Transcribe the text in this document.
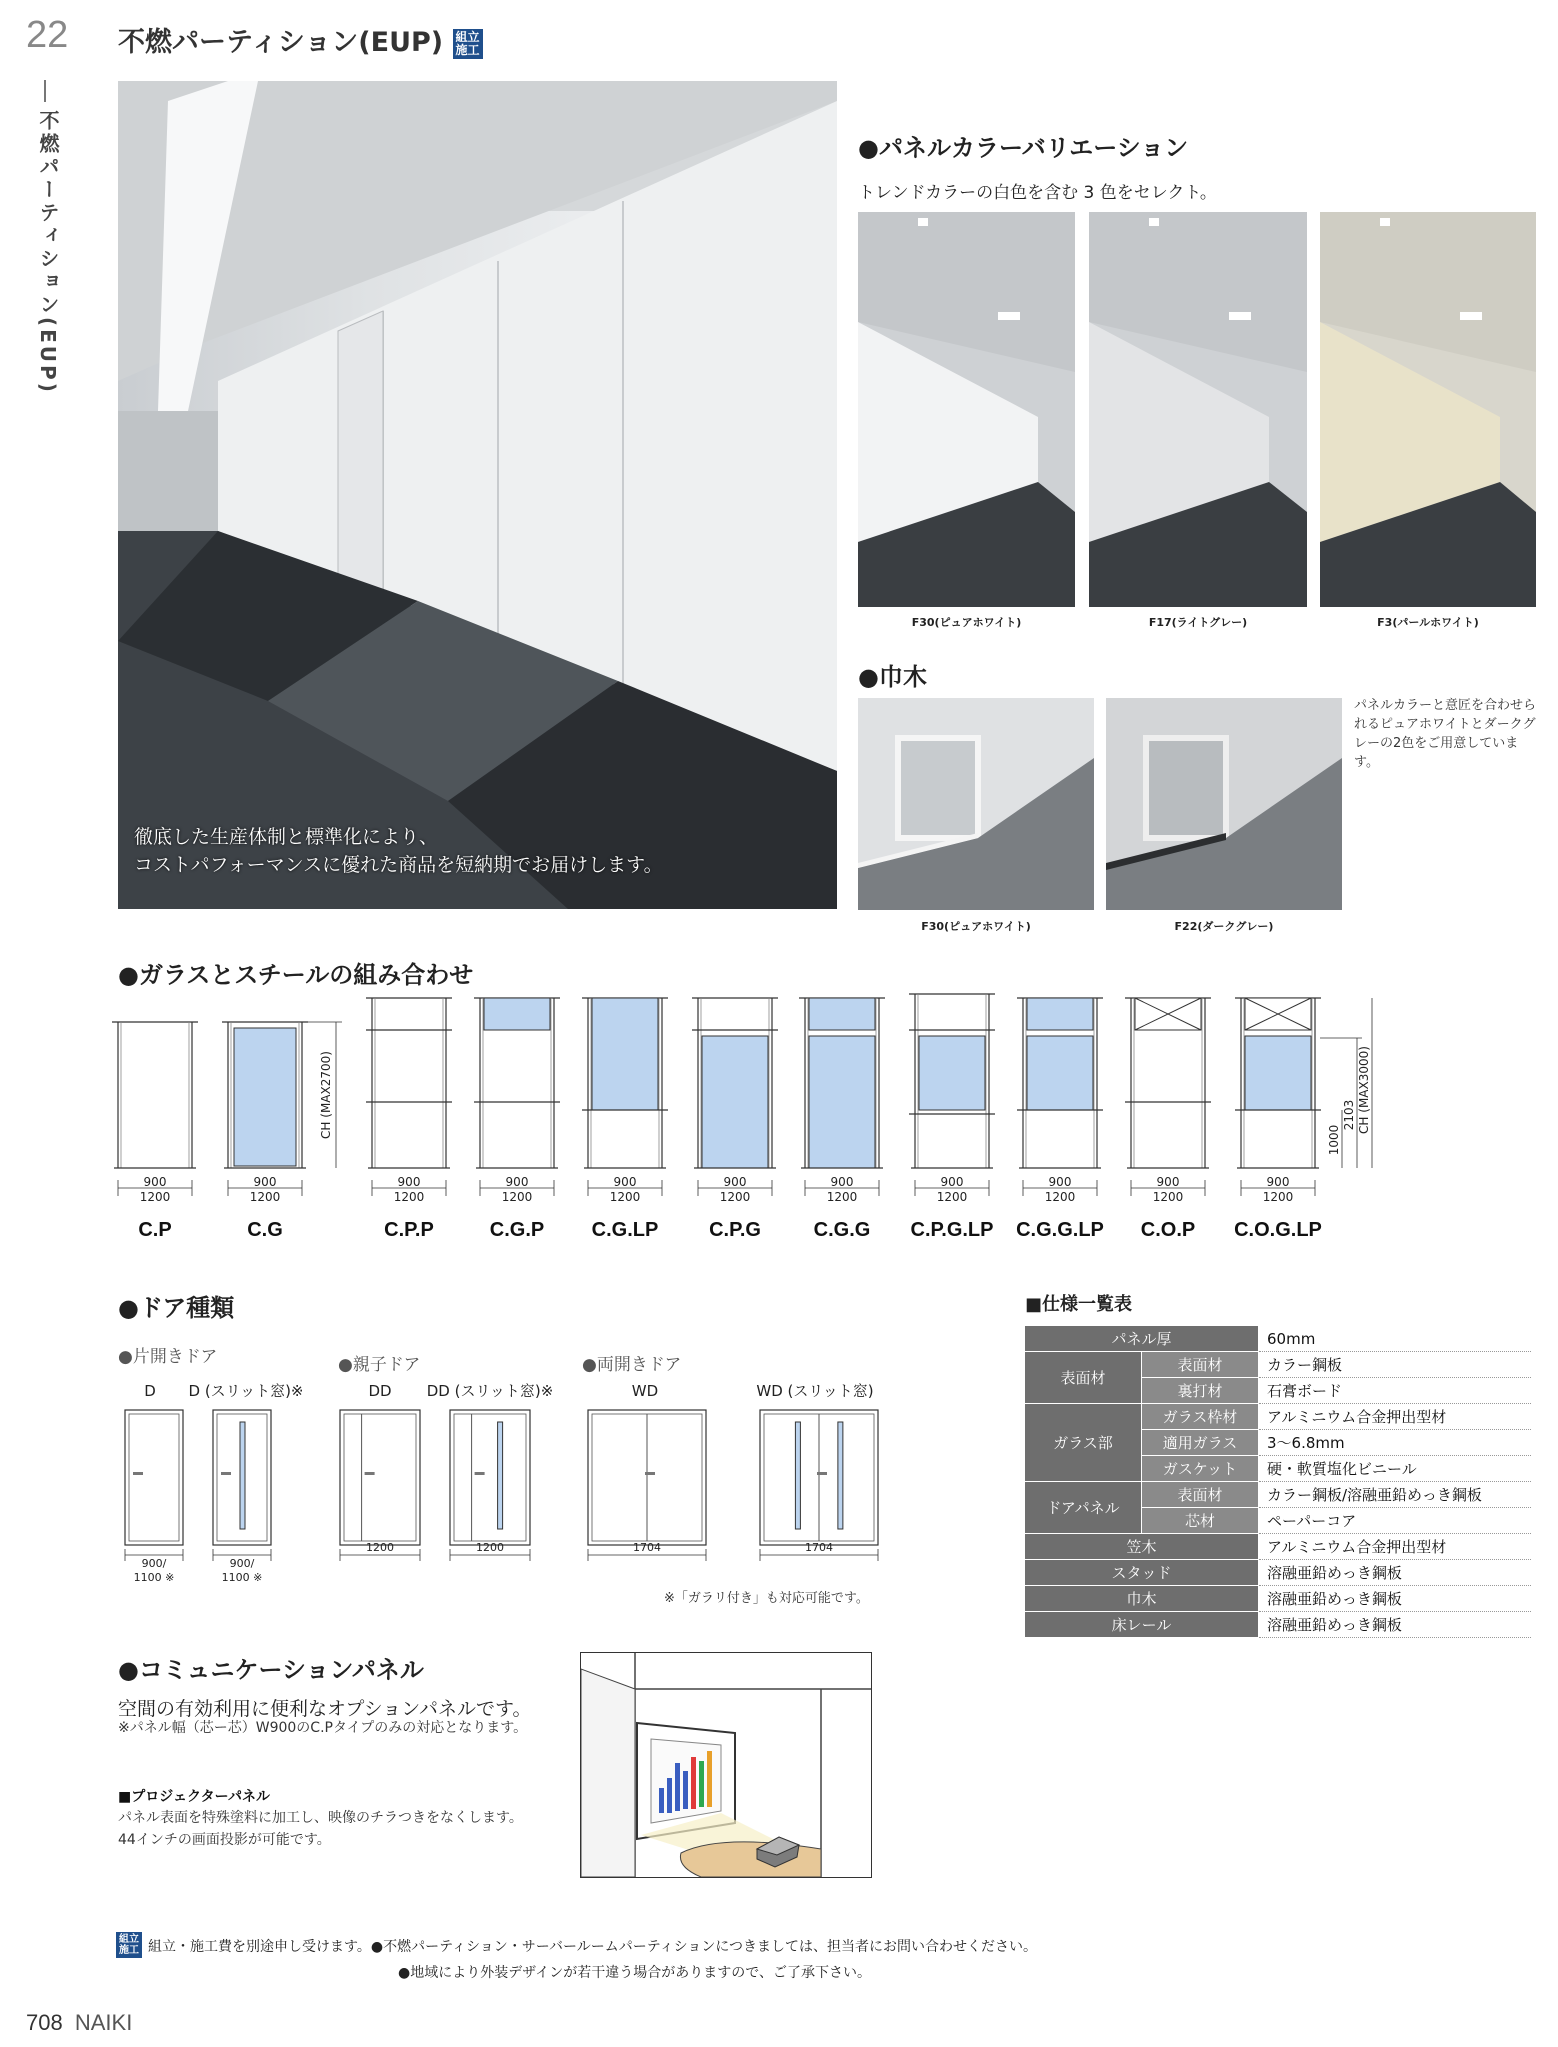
22 不燃パーティション(EUP) 組立
施工
不燃パーティション(EUP)
徹底した生産体制と標準化により、
コストパフォーマンスに優れた商品を短納期でお届けします。
●パネルカラーバリエーション
トレンドカラーの白色を含む 3 色をセレクト。
F30(ピュアホワイト)	F17(ライトグレー)	F3(パールホワイト)
●巾木
F30(ピュアホワイト)	F22(ダークグレー)
パネルカラーと意匠を合わせられるピュアホワイトとダークグレーの2色をご用意しています。
●ガラスとスチールの組み合わせ
900
1200
C.P
900
1200
C.G
900
1200
C.P.P
900
1200
C.G.P
900
1200
C.G.LP
900
1200
C.P.G
900
1200
C.G.G
900
1200
C.P.G.LP
900
1200
C.G.G.LP
900
1200
C.O.P
900
1200
C.O.G.LP
CH (MAX2700)	CH (MAX3000)
2103
1000
●ドア種類
●片開きドア	●親子ドア	●両開きドア
D
900/
1100 ※
D (スリット窓)※
900/
1100 ※
DD
1200
DD (スリット窓)※
1200
WD
1704
WD (スリット窓)
1704
※「ガラリ付き」も対応可能です。
■仕様一覧表
パネル厚		60mm
表面材	表面材	カラー鋼板
	裏打材	石膏ボード
ガラス部	ガラス枠材	アルミニウム合金押出型材
	適用ガラス	3～6.8mm
	ガスケット	硬・軟質塩化ビニール
ドアパネル	表面材	カラー鋼板/溶融亜鉛めっき鋼板
	芯材	ペーパーコア
笠木		アルミニウム合金押出型材
スタッド		溶融亜鉛めっき鋼板
巾木		溶融亜鉛めっき鋼板
床レール		溶融亜鉛めっき鋼板
●コミュニケーションパネル
空間の有効利用に便利なオプションパネルです。
※パネル幅（芯ー芯）W900のC.Pタイプのみの対応となります。
■プロジェクターパネル
パネル表面を特殊塗料に加工し、映像のチラつきをなくします。
44インチの画面投影が可能です。
組立
施工 組立・施工費を別途申し受けます。●不燃パーティション・サーバールームパーティションにつきましては、担当者にお問い合わせください。
●地域により外装デザインが若干違う場合がありますので、ご了承下さい。
708 NAIKI
